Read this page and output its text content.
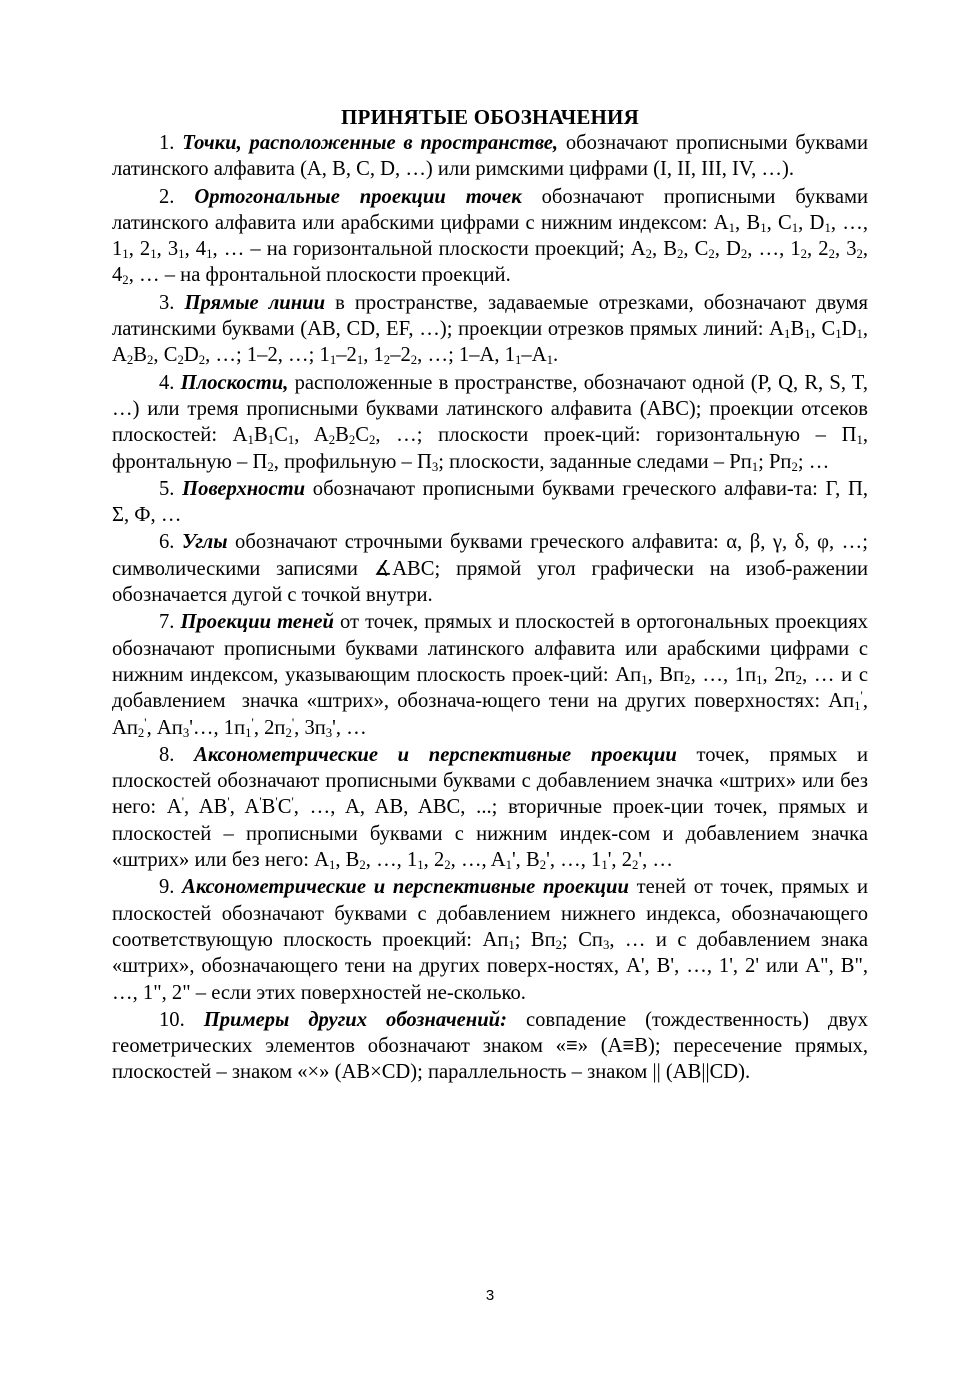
ПРИНЯТЫЕ ОБОЗНАЧЕНИЯ

1. Точки, расположенные в пространстве, обозначают прописными буквами латинского алфавита (A, B, C, D, …) или римскими цифрами (I, II, III, IV, …).

2. Ортогональные проекции точек обозначают прописными буквами латинского алфавита или арабскими цифрами с нижним индексом: $A_1$, $B_1$, $C_1$, $D_1$, …, $1_1$, $2_1$, $3_1$, $4_1$, … – на горизонтальной плоскости проекций; $A_2$, $B_2$, $C_2$, $D_2$, …, $1_2$, $2_2$, $3_2$, $4_2$, … – на фронтальной плоскости проекций.

3. Прямые линии в пространстве, задаваемые отрезками, обозначают двумя латинскими буквами (AB, CD, EF, …); проекции отрезков прямых линий: $A_1B_1$, $C_1D_1$, $A_2B_2$, $C_2D_2$, …; 1–2, …; $1_1-2_1$, $1_2-2_2$, …; 1–A, $1_1-A_1$.

4. Плоскости, расположенные в пространстве, обозначают одной (P, Q, R, S, T, …) или тремя прописными буквами латинского алфавита (ABC); проекции отсеков плоскостей: $A_1B_1C_1$, $A_2B_2C_2$, …; плоскости проек-ций: горизонтальную – $П_1$, фронтальную – $П_2$, профильную – $П_3$; плоскости, заданные следами – $Pп_1$; $Pп_2$; …

5. Поверхности обозначают прописными буквами греческого алфави-та: Г, П, Σ, Ф, …

6. Углы обозначают строчными буквами греческого алфавита: α, β, γ, δ, φ, …; символическими записями ∡ABC; прямой угол графически на изоб-ражении обозначается дугой с точкой внутри.

7. Проекции теней от точек, прямых и плоскостей в ортогональных проекциях обозначают прописными буквами латинского алфавита или арабскими цифрами с нижним индексом, указывающим плоскость проек-ций: $Aп_1$, $Bп_2$, …, $1п_1$, $2п_2$, … и с добавлением  значка «штрих», обознача-ющего тени на других поверхностях: $Aп_1'$, $Aп_2'$, $Aп_3'\dots$, $1п_1'$, $2п_2'$, $3п_3'$, …

8. Аксонометрические и перспективные проекции точек, прямых и плоскостей обозначают прописными буквами с добавлением значка «штрих» или без него: A', AB', A'B'C', …, A, AB, ABC, ...; вторичные проек-ции точек, прямых и плоскостей – прописными буквами с нижним индек-сом и добавлением значка «штрих» или без него: $A_1$, $B_2$, …, $1_1$, $2_2$, …, $A_1'$, $B_2'$, …, $1_1'$, $2_2'$, …

9. Аксонометрические и перспективные проекции теней от точек, прямых и плоскостей обозначают буквами с добавлением нижнего индекса, обозначающего соответствующую плоскость проекций: $Aп_1$; $Bп_2$; $Cп_3$, … и с добавлением знака «штрих», обозначающего тени на других поверх-ностях, A', B', …, 1', 2' или A", B", …, 1", 2" – если этих поверхностей не-сколько.

10. Примеры других обозначений: совпадение (тождественность) двух геометрических элементов обозначают знаком «≡» (A≡B); пересечение прямых, плоскостей – знаком «×» (AB×CD); параллельность – знаком || (AB||CD).

3
